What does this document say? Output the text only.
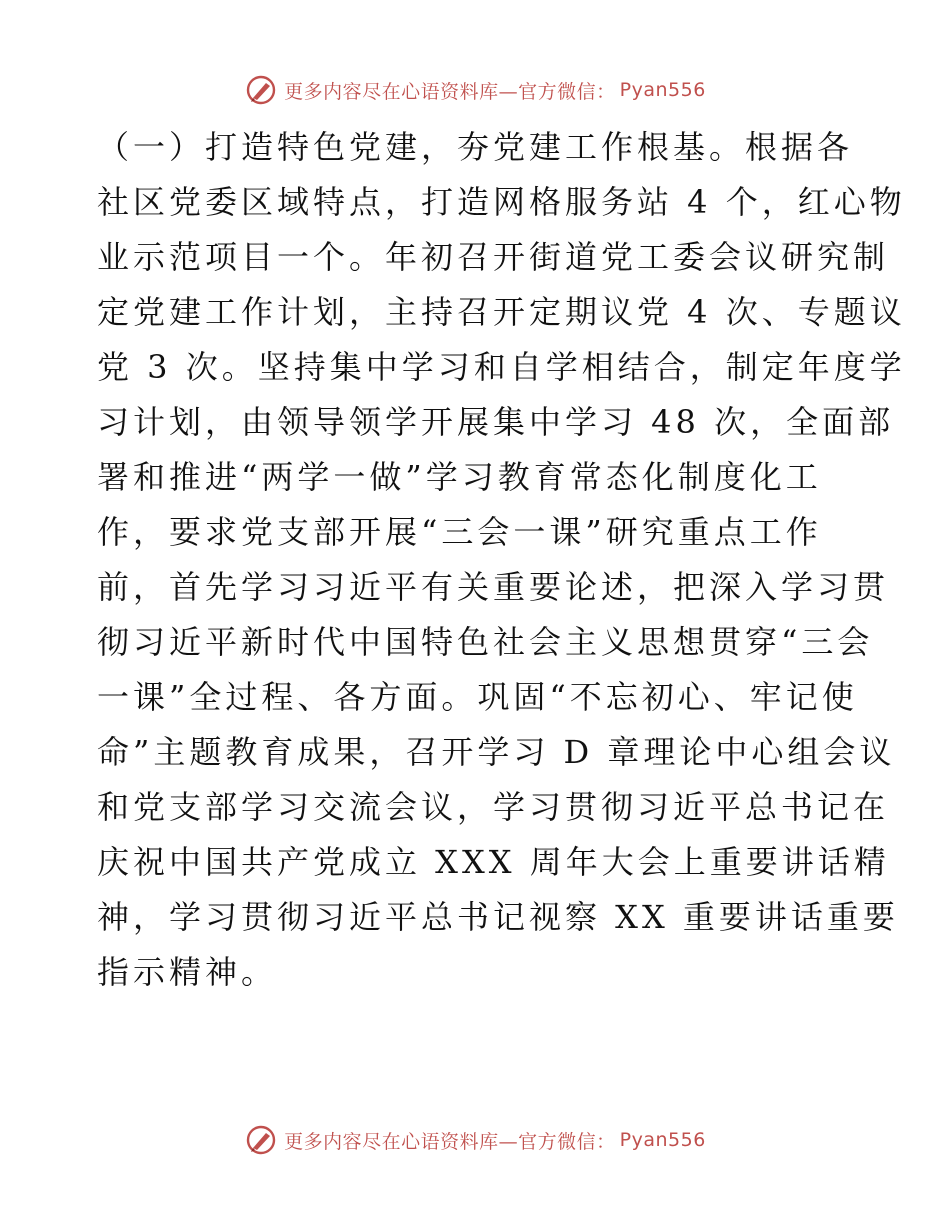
更多内容尽在心语资料库—官方微信： Pyan556
（一）打造特色党建，夯党建工作根基。根据各
社区党委区域特点，打造网格服务站 4 个，红心物
业示范项目一个。年初召开街道党工委会议研究制
定党建工作计划，主持召开定期议党 4 次、专题议
党 3 次。坚持集中学习和自学相结合，制定年度学
习计划，由领导领学开展集中学习 48 次，全面部
署和推进“两学一做”学习教育常态化制度化工
作，要求党支部开展“三会一课”研究重点工作
前，首先学习习近平有关重要论述，把深入学习贯
彻习近平新时代中国特色社会主义思想贯穿“三会
一课”全过程、各方面。巩固“不忘初心、牢记使
命”主题教育成果，召开学习 D 章理论中心组会议
和党支部学习交流会议，学习贯彻习近平总书记在
庆祝中国共产党成立 XXX 周年大会上重要讲话精
神，学习贯彻习近平总书记视察 XX 重要讲话重要
指示精神。
更多内容尽在心语资料库—官方微信： Pyan556
